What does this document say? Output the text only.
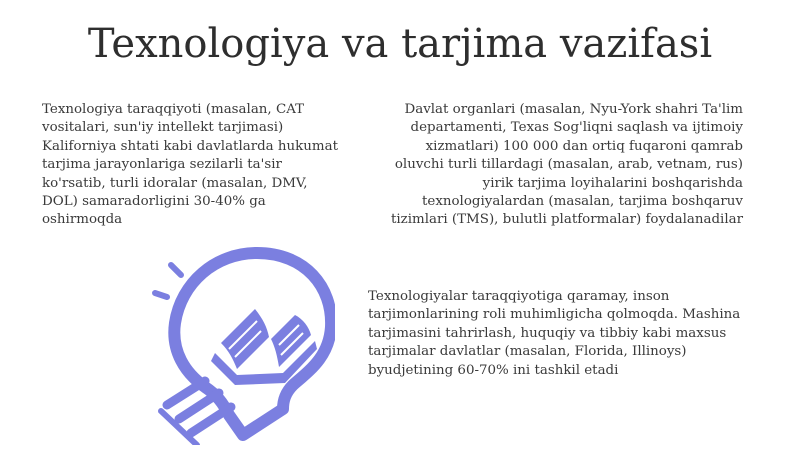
Texnologiya va tarjima vazifasi
Texnologiya taraqqiyoti (masalan, CAT vositalari, sun'iy intellekt tarjimasi) Kaliforniya shtati kabi davlatlarda hukumat tarjima jarayonlariga sezilarli ta'sir ko'rsatib, turli idoralar (masalan, DMV, DOL) samaradorligini 30-40% ga oshirmoqda
Davlat organlari (masalan, Nyu-York shahri Ta'lim departamenti, Texas Sog'liqni saqlash va ijtimoiy xizmatlari) 100 000 dan ortiq fuqaroni qamrab oluvchi turli tillardagi (masalan, arab, vetnam, rus) yirik tarjima loyihalarini boshqarishda texnologiyalardan (masalan, tarjima boshqaruv tizimlari (TMS), bulutli platformalar) foydalanadilar
Texnologiyalar taraqqiyotiga qaramay, inson tarjimonlarining roli muhimligicha qolmoqda. Mashina tarjimasini tahrirlash, huquqiy va tibbiy kabi maxsus tarjimalar davlatlar (masalan, Florida, Illinoys) byudjetining 60-70% ini tashkil etadi
